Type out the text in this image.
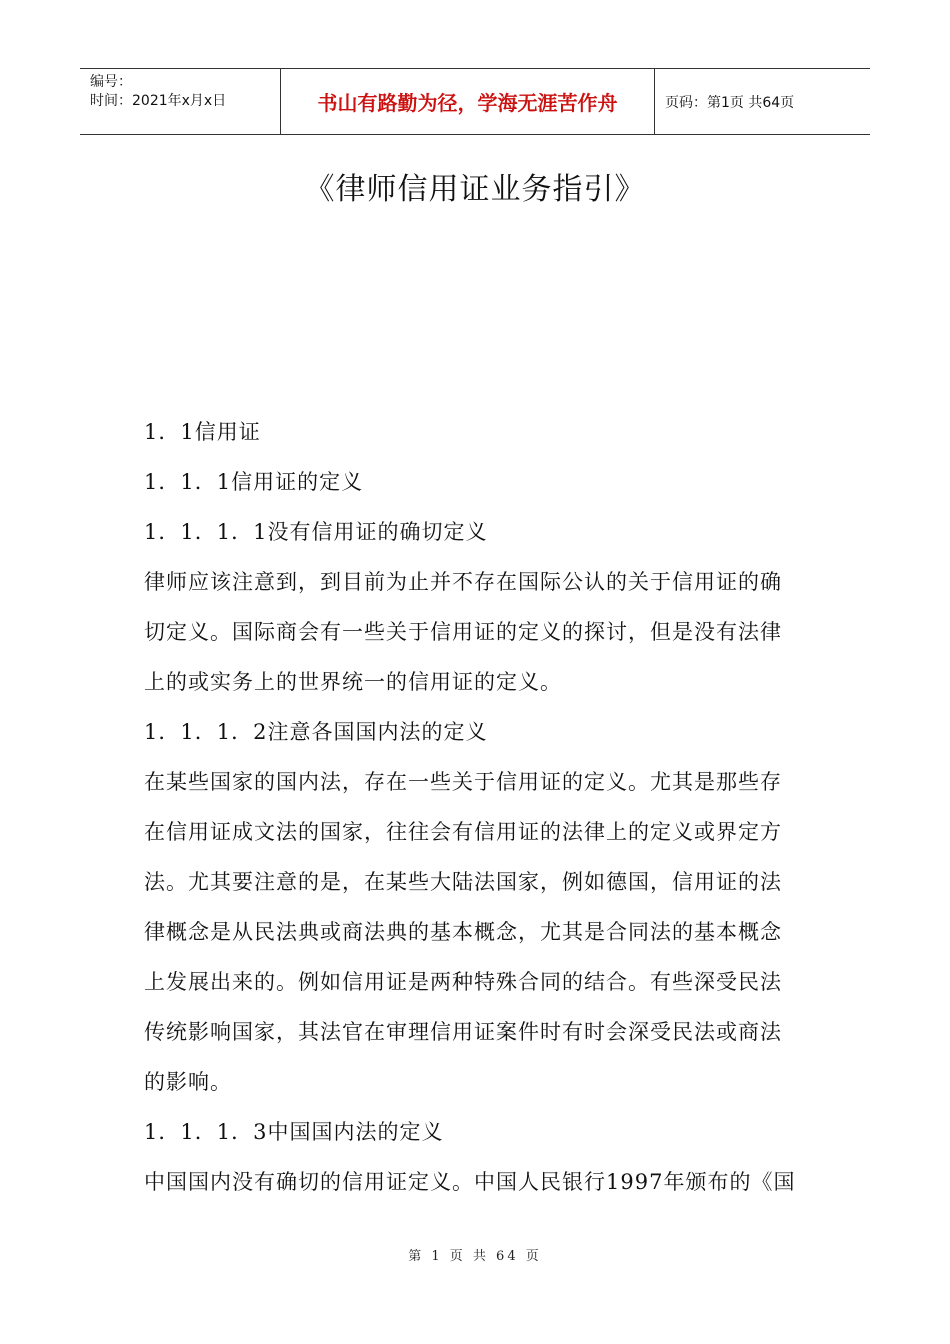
编号：
时间：2021年x月x日	书山有路勤为径，学海无涯苦作舟	页码：第1页 共64页
《律师信用证业务指引》
1．1信用证
1．1．1信用证的定义
1．1．1．1没有信用证的确切定义
律师应该注意到，到目前为止并不存在国际公认的关于信用证的确
切定义。国际商会有一些关于信用证的定义的探讨，但是没有法律
上的或实务上的世界统一的信用证的定义。
1．1．1．2注意各国国内法的定义
在某些国家的国内法，存在一些关于信用证的定义。尤其是那些存
在信用证成文法的国家，往往会有信用证的法律上的定义或界定方
法。尤其要注意的是，在某些大陆法国家，例如德国，信用证的法
律概念是从民法典或商法典的基本概念，尤其是合同法的基本概念
上发展出来的。例如信用证是两种特殊合同的结合。有些深受民法
传统影响国家，其法官在审理信用证案件时有时会深受民法或商法
的影响。
1．1．1．3中国国内法的定义
中国国内没有确切的信用证定义。中国人民银行1997年颁布的《国
第 1 页 共 64 页
